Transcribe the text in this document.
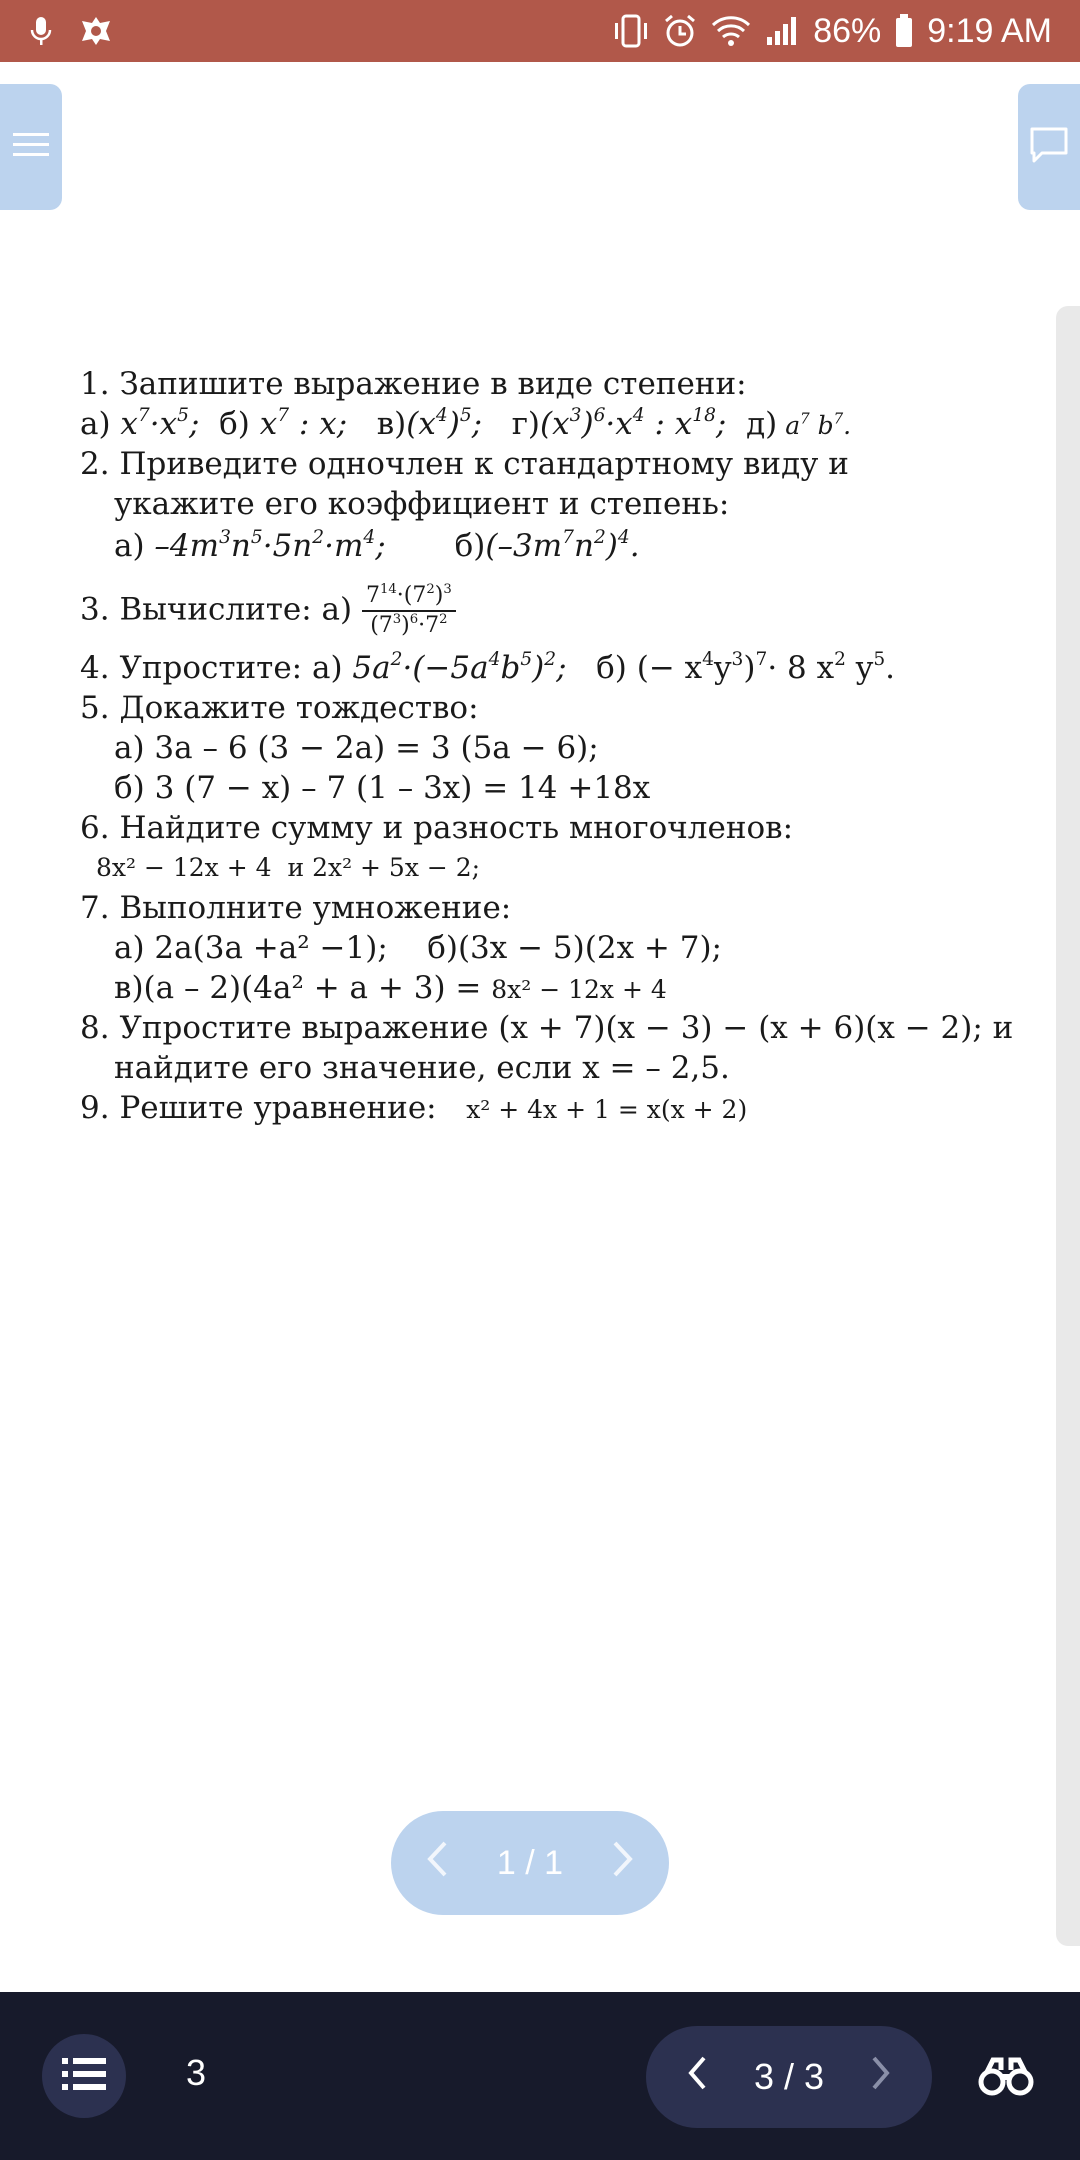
86% 9:19 AM
1. Запишите выражение в виде степени:
а) $x^7\cdot x^5$;  б) $x^7$ : x;   $в)(x^4)^5$;   $г)(x^3)^6\cdot x^4$ : $x^{18}$;  д) $a^7$ $b^7$.
2. Приведите одночлен к стандартному виду и
укажите его коэффициент и степень:
а) $-4m^3n^5\cdot 5n^2\cdot m^4$; $б)(-3m^7n^2)^4$.
3. Вычислите: $а) \frac{7^{14}\cdot(7^2)^3}{(7^3)^6\cdot 7^2}$
4. Упростите: а) $5a^2\cdot(-5a^4b^5)^2$; б) (− $x^4y^3)^7\cdot 8$ $x^2$ $y^5$.
5. Докажите тождество:
а) 3а – 6 (3 − 2а) = 3 (5а − 6);
б) 3 (7 − х) – 7 (1 – 3х) = 14 +18х
6. Найдите сумму и разность многочленов:
8x² − 12x + 4 и 2x² + 5x − 2;
7. Выполните умножение:
а) 2а(3а +а² −1); б)(3x − 5)(2x + 7);
в)(а – 2)(4а² + а + 3) = 8x² − 12x + 4
8. Упростите выражение (x + 7)(x − 3) − (x + 6)(x − 2); и
найдите его значение, если х = – 2,5.
9. Решите уравнение: x² + 4x + 1 = x(x + 2)
1 / 1
3	3 / 3
